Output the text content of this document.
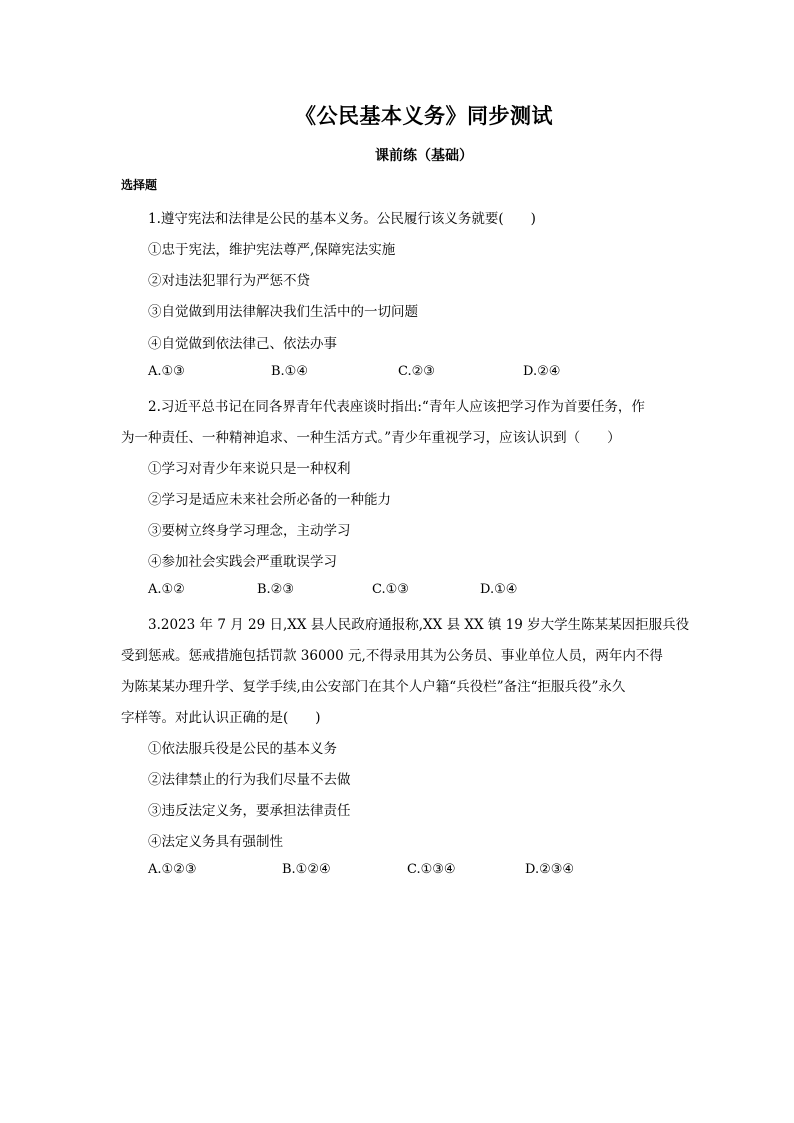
《公民基本义务》同步测试
课前练（基础）
选择题
1.遵守宪法和法律是公民的基本义务。公民履行该义务就要(　　)
①忠于宪法，维护宪法尊严,保障宪法实施
②对违法犯罪行为严惩不贷
③自觉做到用法律解决我们生活中的一切问题
④自觉做到依法律己、依法办事
A.①③	B.①④	C.②③	D.②④
2.习近平总书记在同各界青年代表座谈时指出:“青年人应该把学习作为首要任务，作
为一种责任、一种精神追求、一种生活方式。”青少年重视学习，应该认识到（　　）
①学习对青少年来说只是一种权利
②学习是适应未来社会所必备的一种能力
③要树立终身学习理念，主动学习
④参加社会实践会严重耽误学习
A.①②	B.②③	C.①③	D.①④
3.2023 年 7 月 29 日,XX 县人民政府通报称,XX 县 XX 镇 19 岁大学生陈某某因拒服兵役
受到惩戒。惩戒措施包括罚款 36000 元,不得录用其为公务员、事业单位人员，两年内不得
为陈某某办理升学、复学手续,由公安部门在其个人户籍“兵役栏”备注“拒服兵役”永久
字样等。对此认识正确的是(　　)
①依法服兵役是公民的基本义务
②法律禁止的行为我们尽量不去做
③违反法定义务，要承担法律责任
④法定义务具有强制性
A.①②③	B.①②④	C.①③④	D.②③④
